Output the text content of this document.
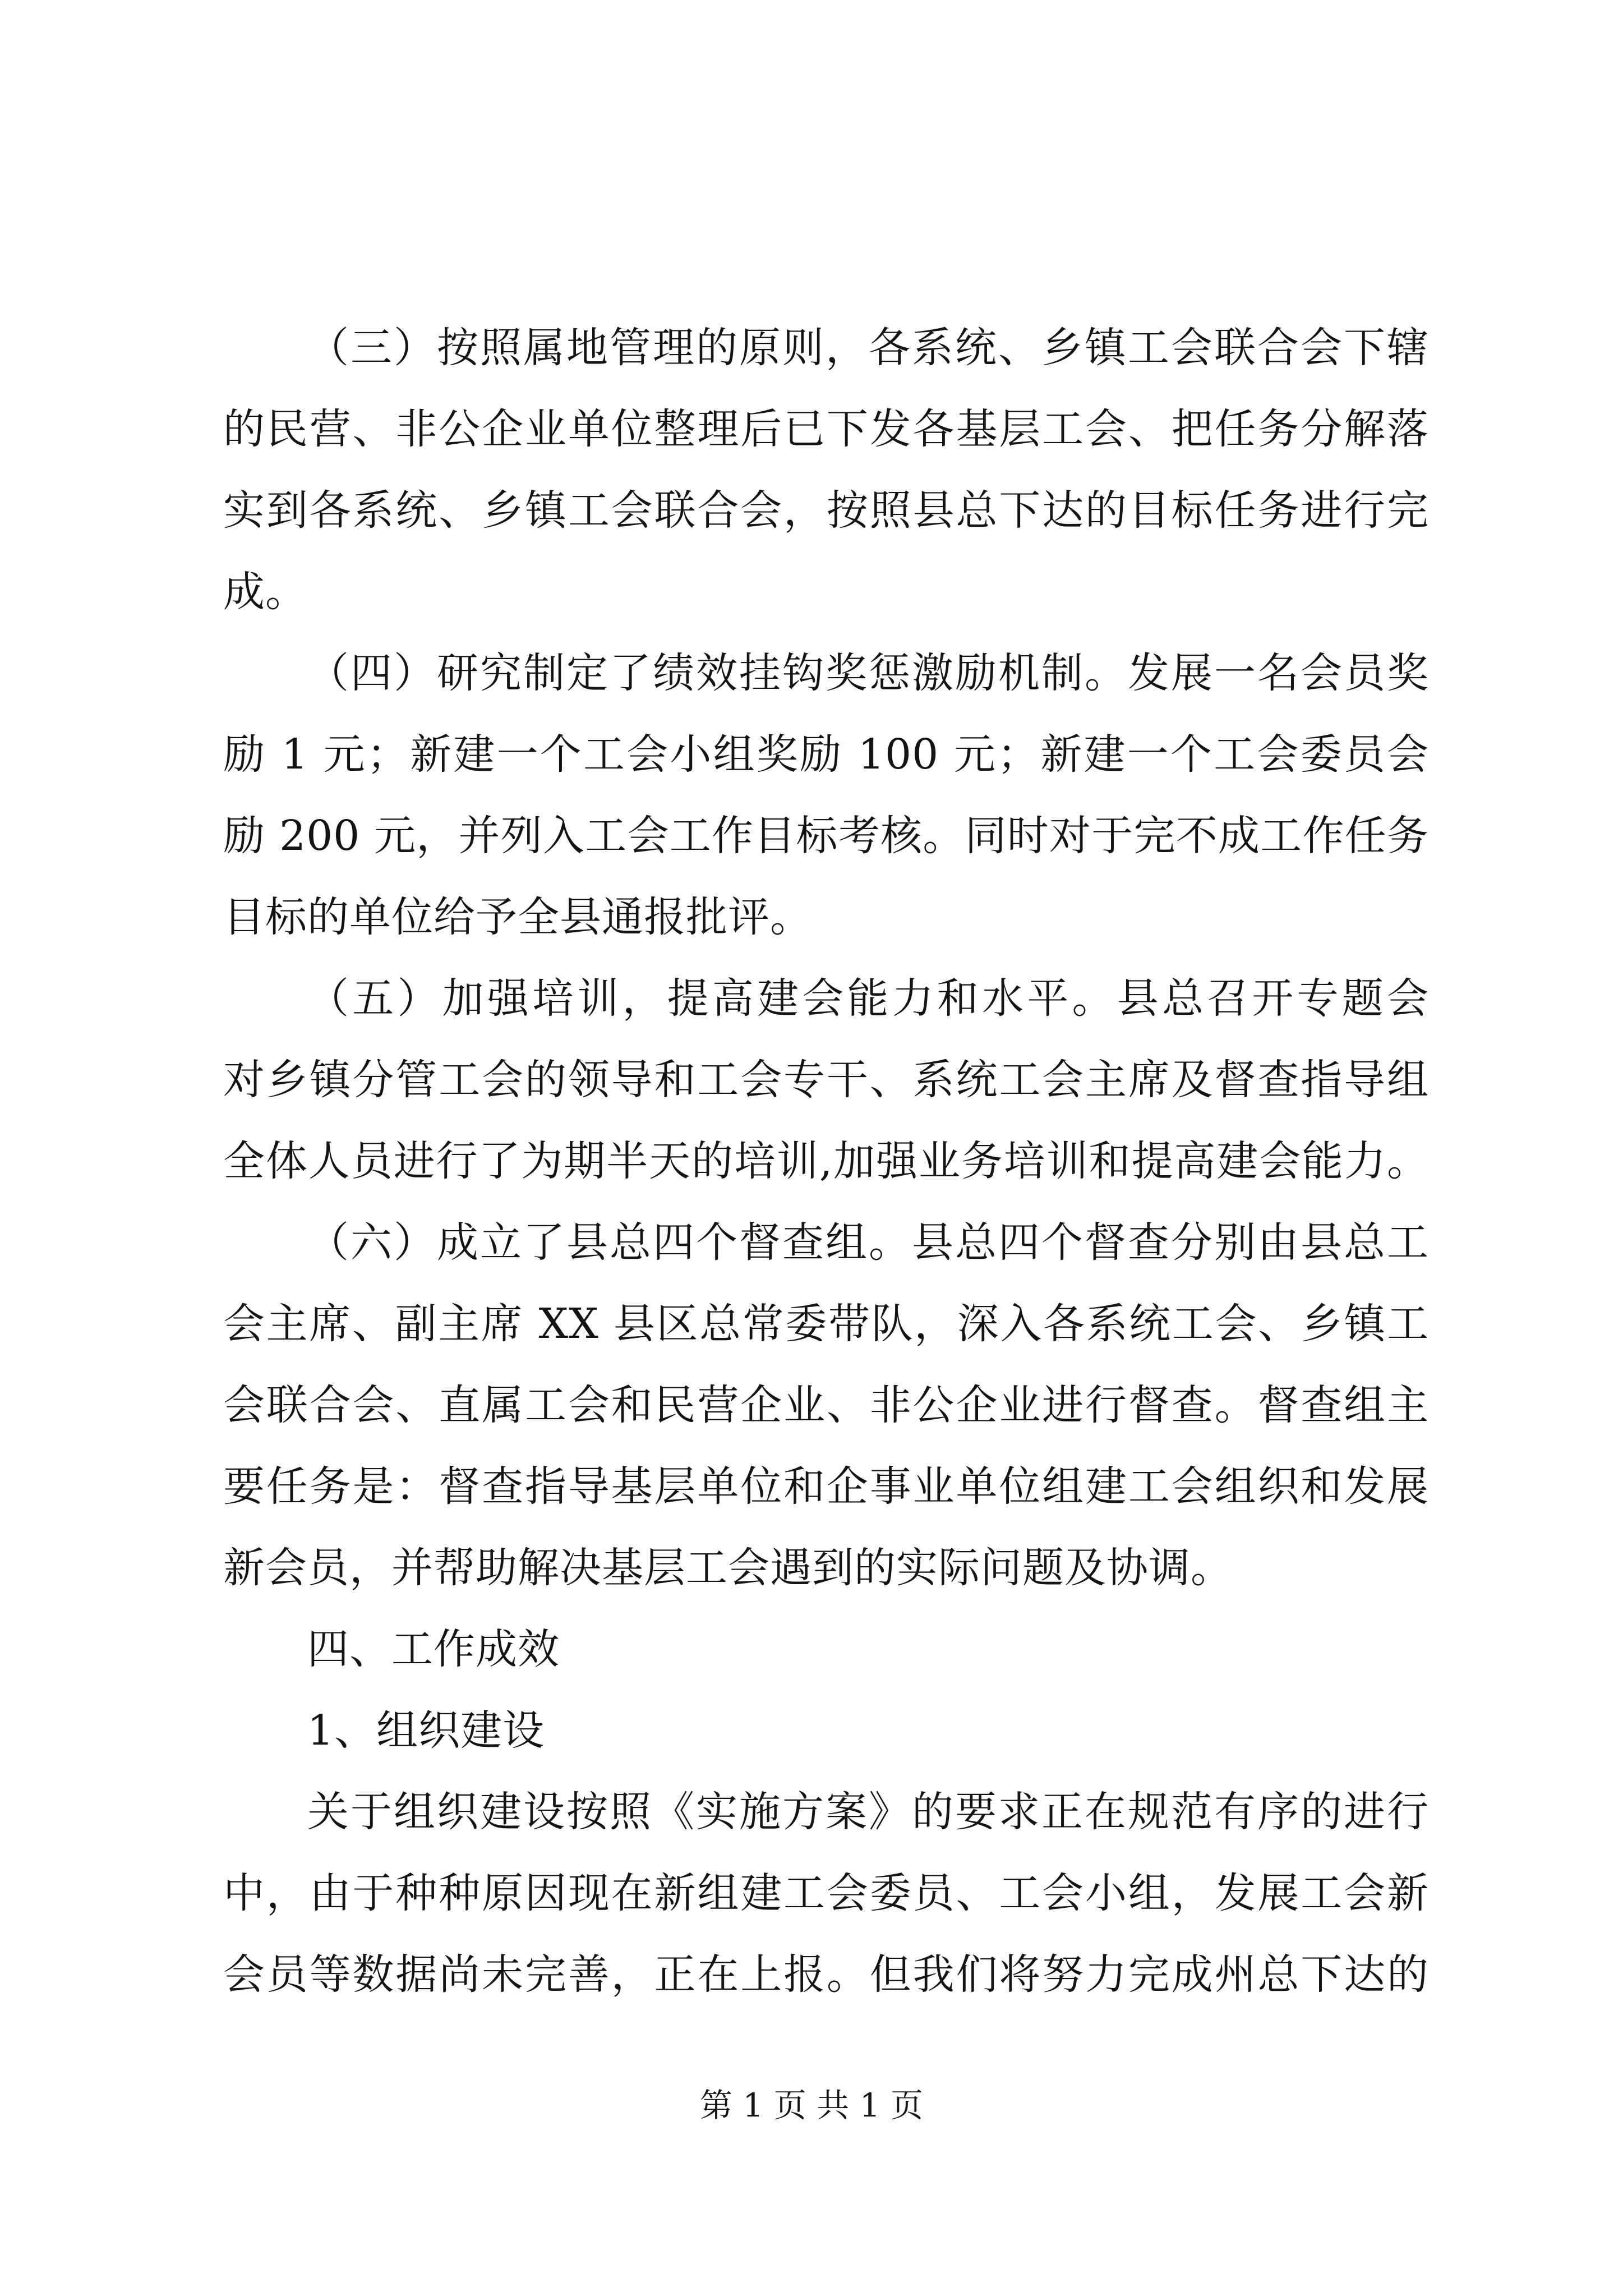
（三）按照属地管理的原则，各系统、乡镇工会联合会下辖
的民营、非公企业单位整理后已下发各基层工会、把任务分解落
实到各系统、乡镇工会联合会，按照县总下达的目标任务进行完
成。
（四）研究制定了绩效挂钩奖惩激励机制。发展一名会员奖
励 1 元；新建一个工会小组奖励 100 元；新建一个工会委员会
励 200 元，并列入工会工作目标考核。同时对于完不成工作任务
目标的单位给予全县通报批评。
（五）加强培训，提高建会能力和水平。县总召开专题会
对乡镇分管工会的领导和工会专干、系统工会主席及督查指导组
全体人员进行了为期半天的培训,加强业务培训和提高建会能力。
（六）成立了县总四个督查组。县总四个督查分别由县总工
会主席、副主席 XX 县区总常委带队，深入各系统工会、乡镇工
会联合会、直属工会和民营企业、非公企业进行督查。督查组主
要任务是：督查指导基层单位和企事业单位组建工会组织和发展
新会员，并帮助解决基层工会遇到的实际问题及协调。
四、工作成效
1、组织建设
关于组织建设按照《实施方案》的要求正在规范有序的进行
中，由于种种原因现在新组建工会委员、工会小组，发展工会新
会员等数据尚未完善，正在上报。但我们将努力完成州总下达的
第 1 页 共 1 页
